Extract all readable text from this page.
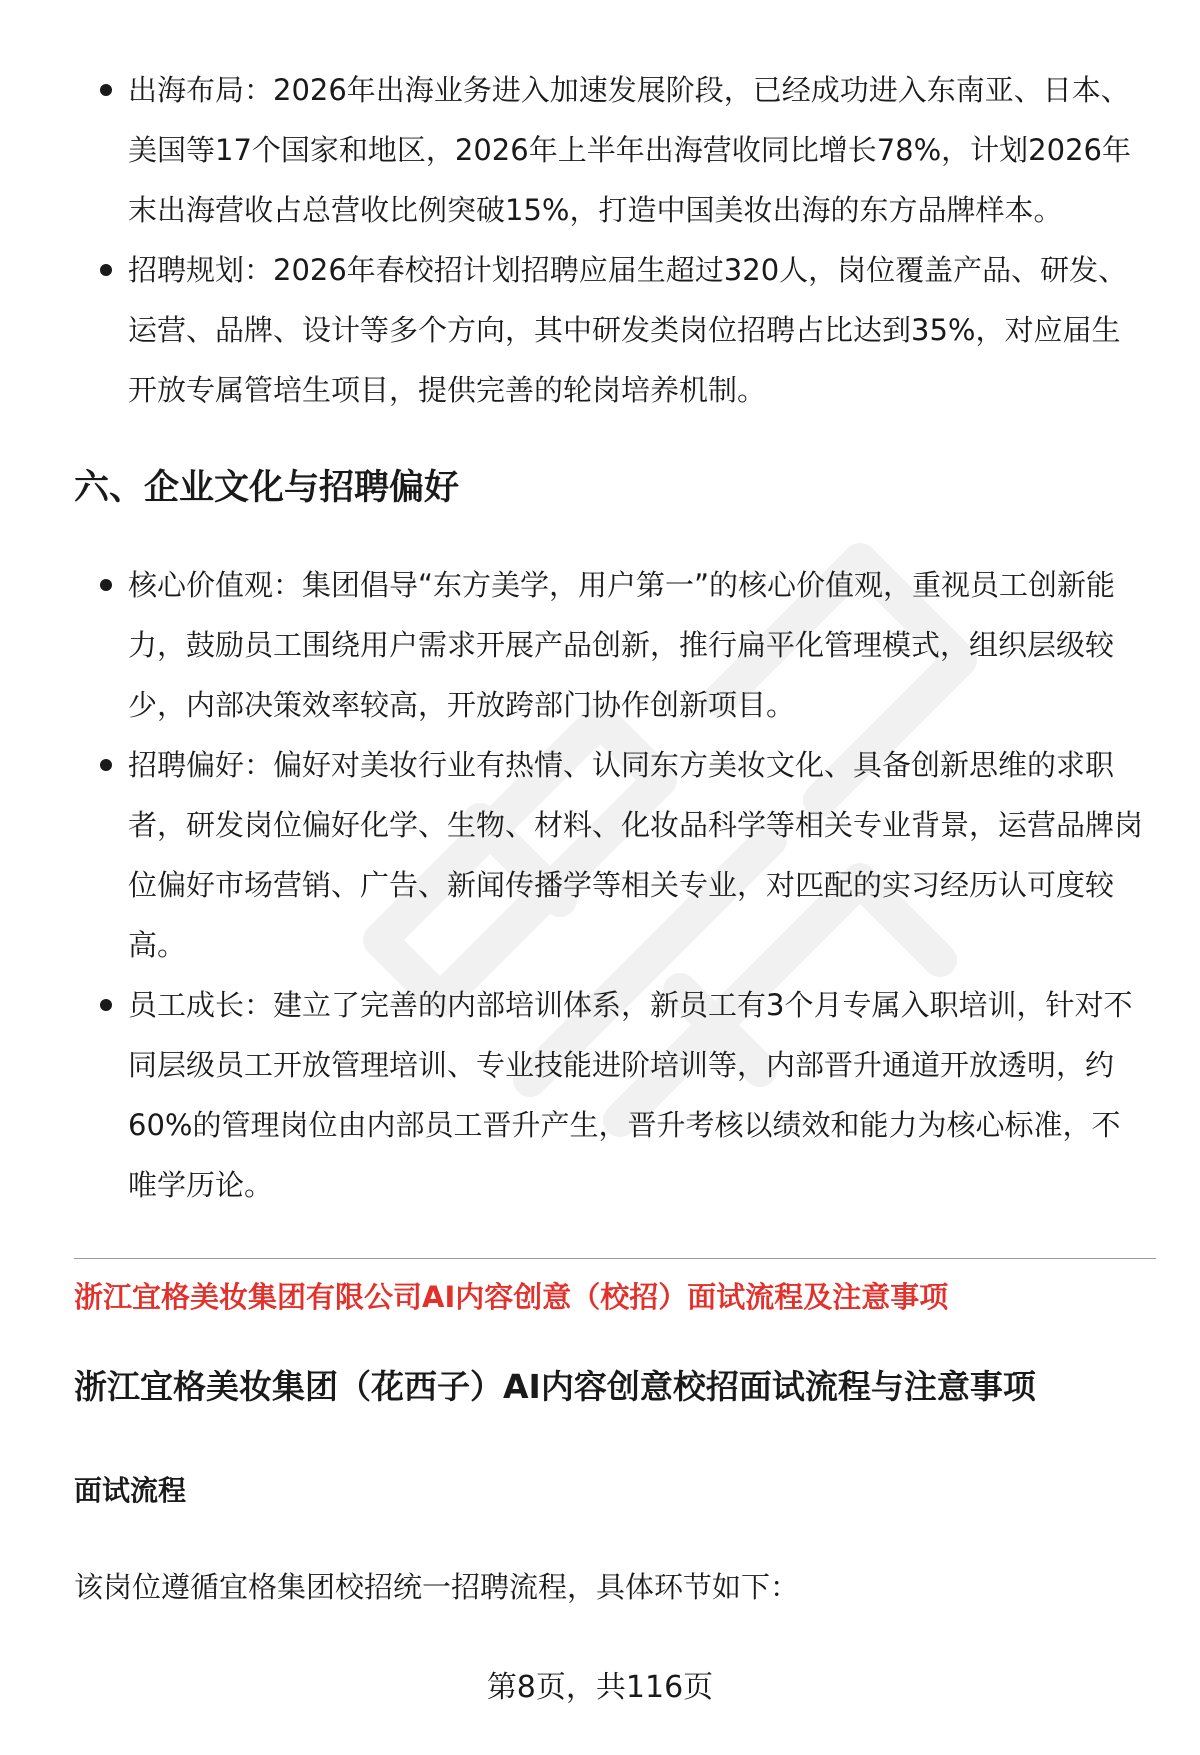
出海布局：2026年出海业务进入加速发展阶段，已经成功进入东南亚、日本、美国等17个国家和地区，2026年上半年出海营收同比增长78%，计划2026年末出海营收占总营收比例突破15%，打造中国美妆出海的东方品牌样本。
招聘规划：2026年春校招计划招聘应届生超过320人，岗位覆盖产品、研发、运营、品牌、设计等多个方向，其中研发类岗位招聘占比达到35%，对应届生开放专属管培生项目，提供完善的轮岗培养机制。
六、企业文化与招聘偏好
核心价值观：集团倡导“东方美学，用户第一”的核心价值观，重视员工创新能力，鼓励员工围绕用户需求开展产品创新，推行扁平化管理模式，组织层级较少，内部决策效率较高，开放跨部门协作创新项目。
招聘偏好：偏好对美妆行业有热情、认同东方美妆文化、具备创新思维的求职者，研发岗位偏好化学、生物、材料、化妆品科学等相关专业背景，运营品牌岗位偏好市场营销、广告、新闻传播学等相关专业，对匹配的实习经历认可度较高。
员工成长：建立了完善的内部培训体系，新员工有3个月专属入职培训，针对不同层级员工开放管理培训、专业技能进阶培训等，内部晋升通道开放透明，约60%的管理岗位由内部员工晋升产生，晋升考核以绩效和能力为核心标准，不唯学历论。
浙江宜格美妆集团有限公司AI内容创意（校招）面试流程及注意事项
浙江宜格美妆集团（花西子）AI内容创意校招面试流程与注意事项
面试流程

该岗位遵循宜格集团校招统一招聘流程，具体环节如下：

第8页，共116页
